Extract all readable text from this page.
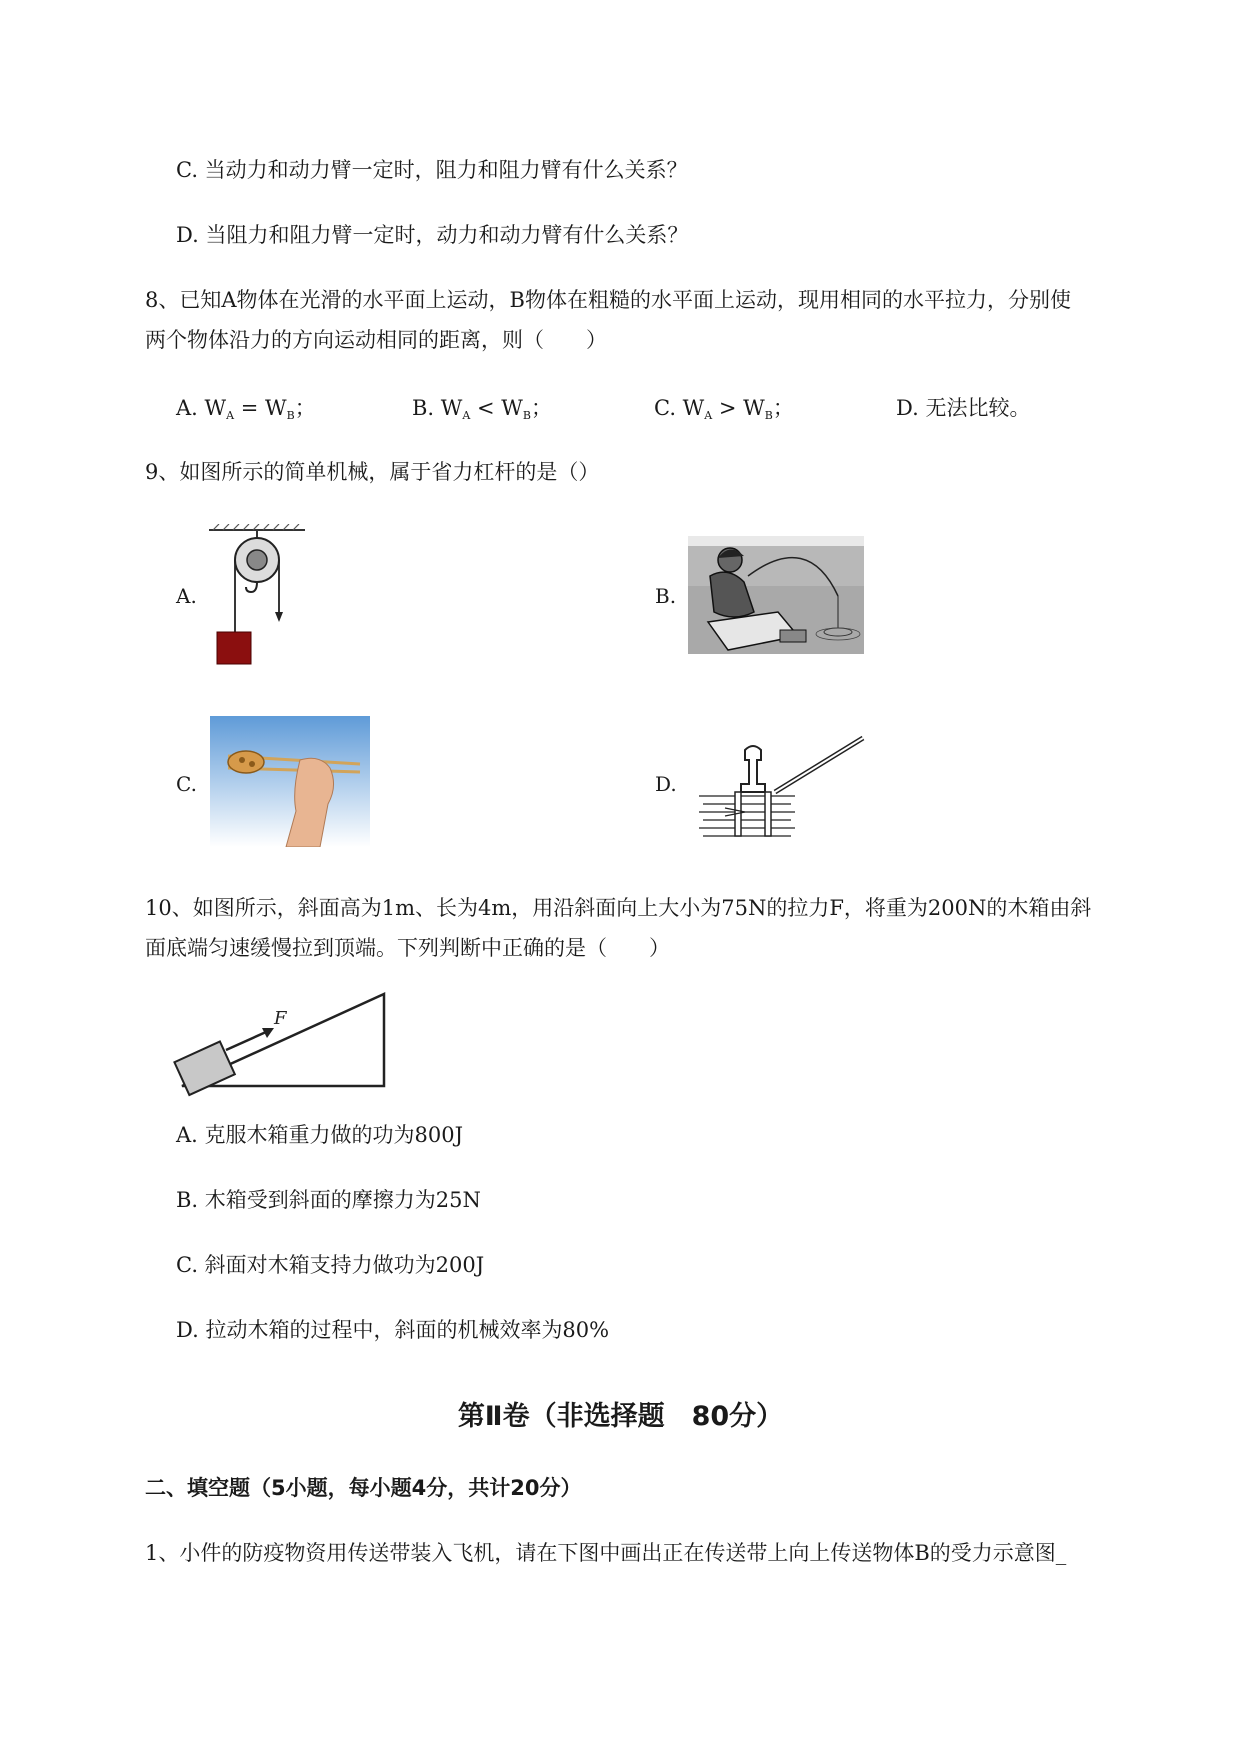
C. 当动力和动力臂一定时，阻力和阻力臂有什么关系？
D. 当阻力和阻力臂一定时，动力和动力臂有什么关系？
8、已知A物体在光滑的水平面上运动，B物体在粗糙的水平面上运动，现用相同的水平拉力，分别使
两个物体沿力的方向运动相同的距离，则（　　）
A. $W_A = W_B$；	B. $W_A < W_B$；	C. $W_A > W_B$；	D. 无法比较。
9、如图所示的简单机械，属于省力杠杆的是（）
A.	B.
C.	D.
10、如图所示，斜面高为1m、长为4m，用沿斜面向上大小为75N的拉力F，将重为200N的木箱由斜
面底端匀速缓慢拉到顶端。下列判断中正确的是（　　）
F
A. 克服木箱重力做的功为800J
B. 木箱受到斜面的摩擦力为25N
C. 斜面对木箱支持力做功为200J
D. 拉动木箱的过程中，斜面的机械效率为80%
第Ⅱ卷（非选择题　80分）
二、填空题（5小题，每小题4分，共计20分）
1、小件的防疫物资用传送带装入飞机，请在下图中画出正在传送带上向上传送物体B的受力示意图_
